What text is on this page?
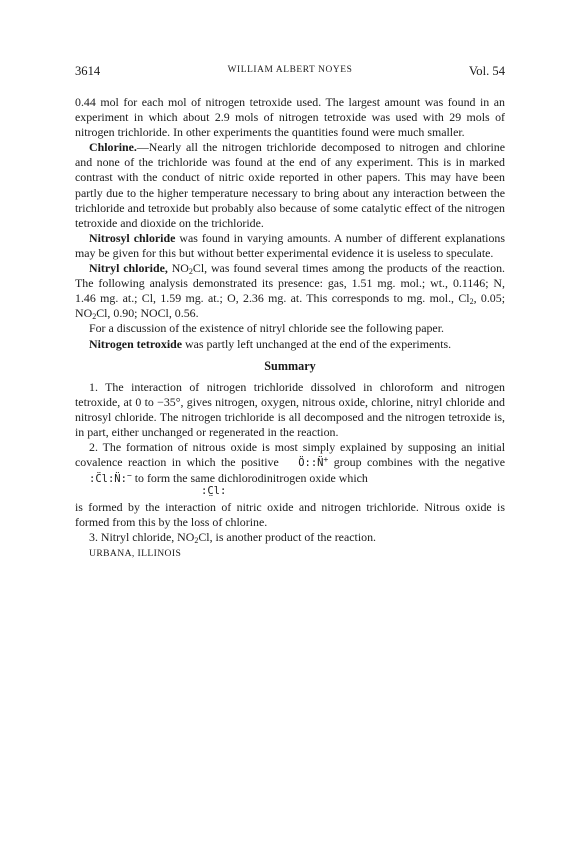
3614	WILLIAM ALBERT NOYES	Vol. 54

0.44 mol for each mol of nitrogen tetroxide used. The largest amount was found in an experiment in which about 2.9 mols of nitrogen tetroxide was used with 29 mols of nitrogen trichloride. In other experiments the quantities found were much smaller.

Chlorine.—Nearly all the nitrogen trichloride decomposed to nitrogen and chlorine and none of the trichloride was found at the end of any experiment. This is in marked contrast with the conduct of nitric oxide reported in other papers. This may have been partly due to the higher temperature necessary to bring about any interaction between the trichloride and tetroxide but probably also because of some catalytic effect of the nitrogen tetroxide and dioxide on the trichloride.

Nitrosyl chloride was found in varying amounts. A number of different explanations may be given for this but without better experimental evidence it is useless to speculate.

Nitryl chloride, $NO_2Cl$, was found several times among the products of the reaction. The following analysis demonstrated its presence: gas, 1.51 mg. mol.; wt., 0.1146; N, 1.46 mg. at.; Cl, 1.59 mg. at.; O, 2.36 mg. at. This corresponds to mg. mol., $Cl_2$, 0.05; $NO_2Cl$, 0.90; NOCl, 0.56.

For a discussion of the existence of nitryl chloride see the following paper.

Nitrogen tetroxide was partly left unchanged at the end of the experiments.

Summary

1. The interaction of nitrogen trichloride dissolved in chloroform and nitrogen tetroxide, at 0 to −35°, gives nitrogen, oxygen, nitrous oxide, chlorine, nitryl chloride and nitrosyl chloride. The nitrogen trichloride is all decomposed and the nitrogen tetroxide is, in part, either unchanged or regenerated in the reaction.

2. The formation of nitrous oxide is most simply explained by supposing an initial covalence reaction in which the positive Ö::N̈+ group combines with the negative :C̈l:N̈:− to form the same dichlorodinitrogen oxide which

:C̤l:

is formed by the interaction of nitric oxide and nitrogen trichloride. Nitrous oxide is formed from this by the loss of chlorine.

3. Nitryl chloride, $NO_2Cl$, is another product of the reaction.

URBANA, ILLINOIS
